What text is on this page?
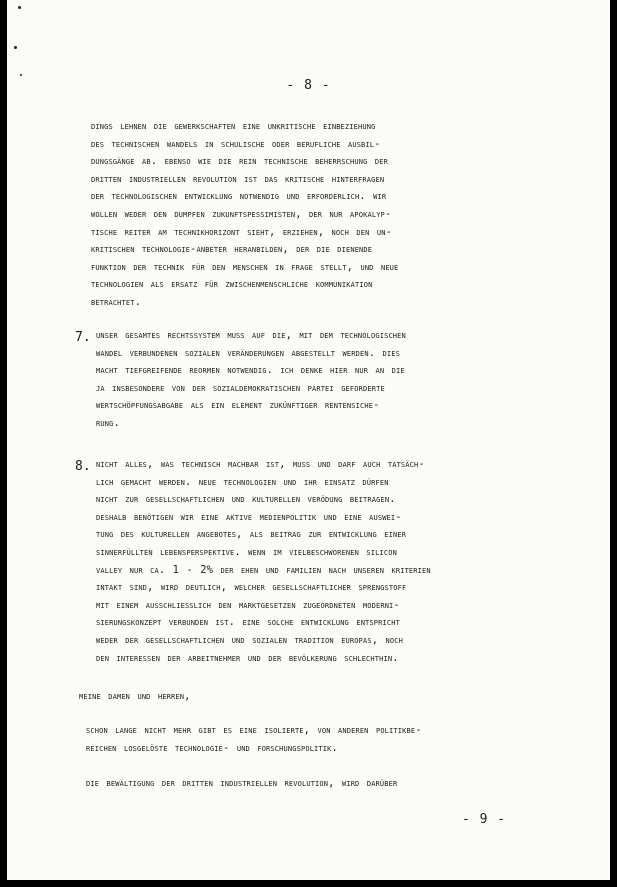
- 8 -

dings lehnen die gewerkschaften eine unkritische einbeziehung
des technischen wandels in schulische oder berufliche ausbil-
dungsgänge ab. ebenso wie die rein technische beherrschung der
dritten industriellen revolution ist das kritische hinterfragen
der technologischen entwicklung notwendig und erforderlich. wir
wollen weder den dumpfen zukunftspessimisten, der nur apokalyp-
tische reiter am technikhorizont sieht, erziehen, noch den un-
kritischen technologie-anbeter heranbilden, der die dienende
funktion der technik für den menschen in frage stellt, und neue
technologien als ersatz für zwischenmenschliche kommunikation
betrachtet.

7. unser gesamtes rechtssystem muß auf die, mit dem technologischen
wandel verbundenen sozialen veränderungen abgestellt werden. dies
macht tiefgreifende reormen notwendig. ich denke hier nur an die
ja insbesondere von der sozialdemokratischen partei geforderte
wertschöpfungsabgabe als ein element zukünftiger rentensiche-
rung.

8. nicht alles, was technisch machbar ist, muß und darf auch tatsäch-
lich gemacht werden. neue technologien und ihr einsatz dürfen
nicht zur gesellschaftlichen und kulturellen verödung beitragen.
deshalb benötigen wir eine aktive medienpolitik und eine auswei-
tung des kulturellen angebotes, als beitrag zur entwicklung einer
sinnerfüllten lebensperspektive. wenn im vielbeschworenen silicon
valley nur ca. 1 - 2% der ehen und familien nach unseren kriterien
intakt sind, wird deutlich, welcher gesellschaftlicher sprengstoff
mit einem ausschließlich den marktgesetzen zugeordneten moderni-
sierungskonzept verbunden ist. eine solche entwicklung entspricht
weder der gesellschaftlichen und sozialen tradition europas, noch
den interessen der arbeitnehmer und der bevölkerung schlechthin.

meine damen und herren,

schon lange nicht mehr gibt es eine isolierte, von anderen politikbe-
reichen losgelöste technologie- und forschungspolitik.

die bewältigung der dritten industriellen revolution, wird darüber

- 9 -
